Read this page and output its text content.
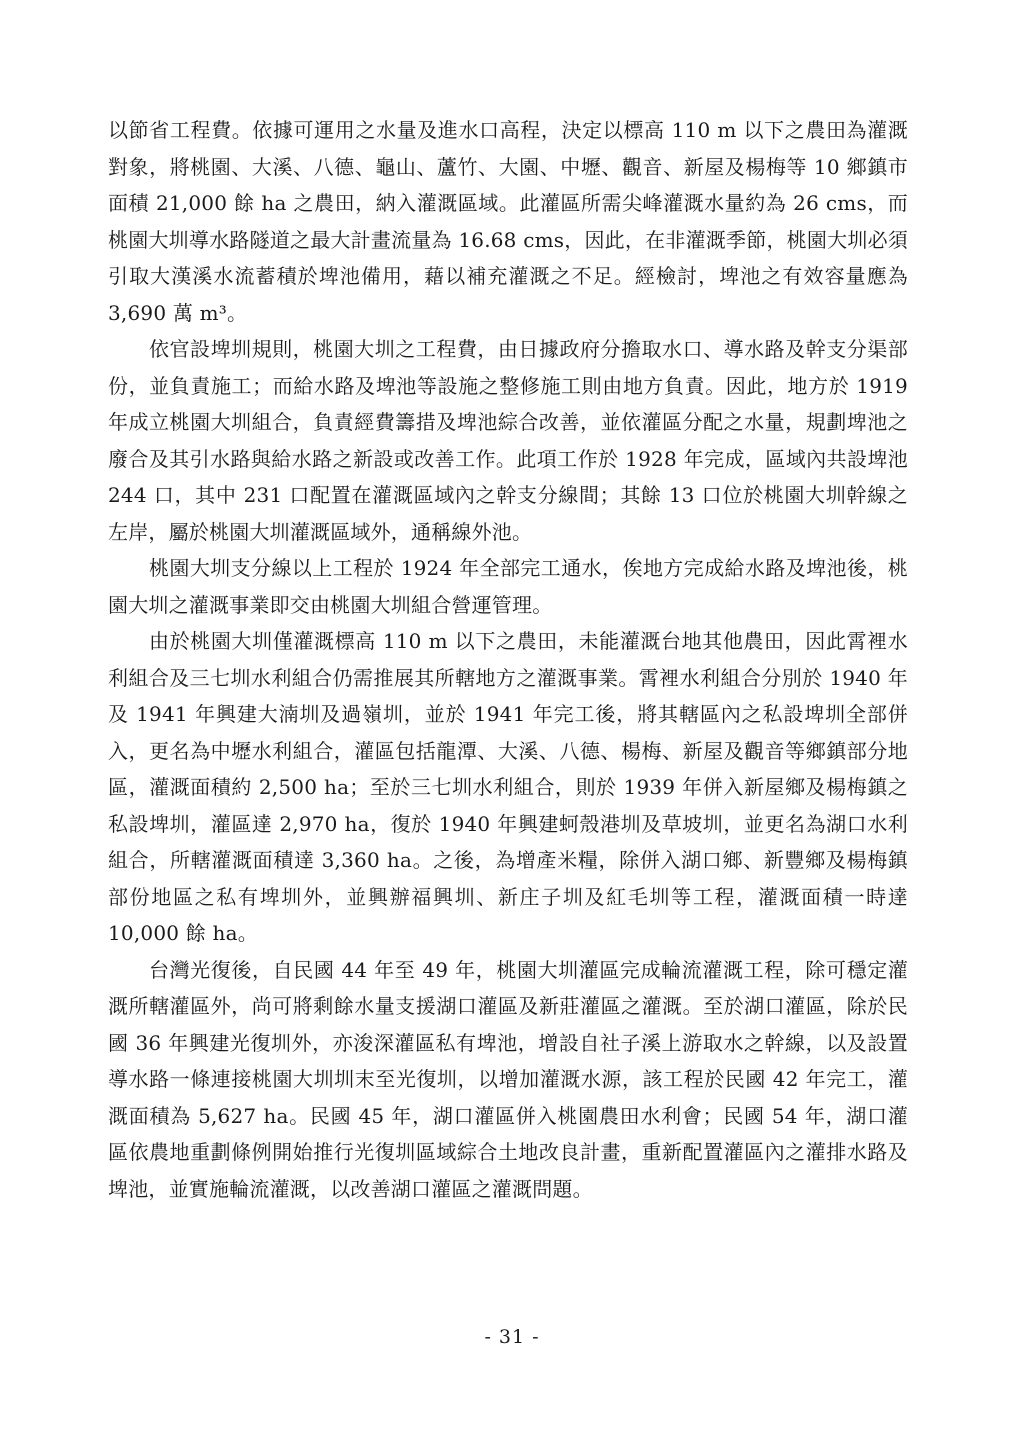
以節省工程費。依據可運用之水量及進水口高程，決定以標高 110 m 以下之農田為灌溉對象，將桃園、大溪、八德、龜山、蘆竹、大園、中壢、觀音、新屋及楊梅等 10 鄉鎮市面積 21,000 餘 ha 之農田，納入灌溉區域。此灌區所需尖峰灌溉水量約為 26 cms，而桃園大圳導水路隧道之最大計畫流量為 16.68 cms，因此，在非灌溉季節，桃園大圳必須引取大漢溪水流蓄積於埤池備用，藉以補充灌溉之不足。經檢討，埤池之有效容量應為 3,690 萬 m³。

依官設埤圳規則，桃園大圳之工程費，由日據政府分擔取水口、導水路及幹支分渠部份，並負責施工；而給水路及埤池等設施之整修施工則由地方負責。因此，地方於 1919 年成立桃園大圳組合，負責經費籌措及埤池綜合改善，並依灌區分配之水量，規劃埤池之廢合及其引水路與給水路之新設或改善工作。此項工作於 1928 年完成，區域內共設埤池 244 口，其中 231 口配置在灌溉區域內之幹支分線間；其餘 13 口位於桃園大圳幹線之左岸，屬於桃園大圳灌溉區域外，通稱線外池。

桃園大圳支分線以上工程於 1924 年全部完工通水，俟地方完成給水路及埤池後，桃園大圳之灌溉事業即交由桃園大圳組合營運管理。

由於桃園大圳僅灌溉標高 110 m 以下之農田，未能灌溉台地其他農田，因此霄裡水利組合及三七圳水利組合仍需推展其所轄地方之灌溉事業。霄裡水利組合分別於 1940 年及 1941 年興建大湳圳及過嶺圳，並於 1941 年完工後，將其轄區內之私設埤圳全部併入，更名為中壢水利組合，灌區包括龍潭、大溪、八德、楊梅、新屋及觀音等鄉鎮部分地區，灌溉面積約 2,500 ha；至於三七圳水利組合，則於 1939 年併入新屋鄉及楊梅鎮之私設埤圳，灌區達 2,970 ha，復於 1940 年興建蚵殼港圳及草坡圳，並更名為湖口水利組合，所轄灌溉面積達 3,360 ha。之後，為增產米糧，除併入湖口鄉、新豐鄉及楊梅鎮部份地區之私有埤圳外，並興辦福興圳、新庄子圳及紅毛圳等工程，灌溉面積一時達 10,000 餘 ha。

台灣光復後，自民國 44 年至 49 年，桃園大圳灌區完成輪流灌溉工程，除可穩定灌溉所轄灌區外，尚可將剩餘水量支援湖口灌區及新莊灌區之灌溉。至於湖口灌區，除於民國 36 年興建光復圳外，亦浚深灌區私有埤池，增設自社子溪上游取水之幹線，以及設置導水路一條連接桃園大圳圳末至光復圳，以增加灌溉水源，該工程於民國 42 年完工，灌溉面積為 5,627 ha。民國 45 年，湖口灌區併入桃園農田水利會；民國 54 年，湖口灌區依農地重劃條例開始推行光復圳區域綜合土地改良計畫，重新配置灌區內之灌排水路及埤池，並實施輪流灌溉，以改善湖口灌區之灌溉問題。

- 31 -
